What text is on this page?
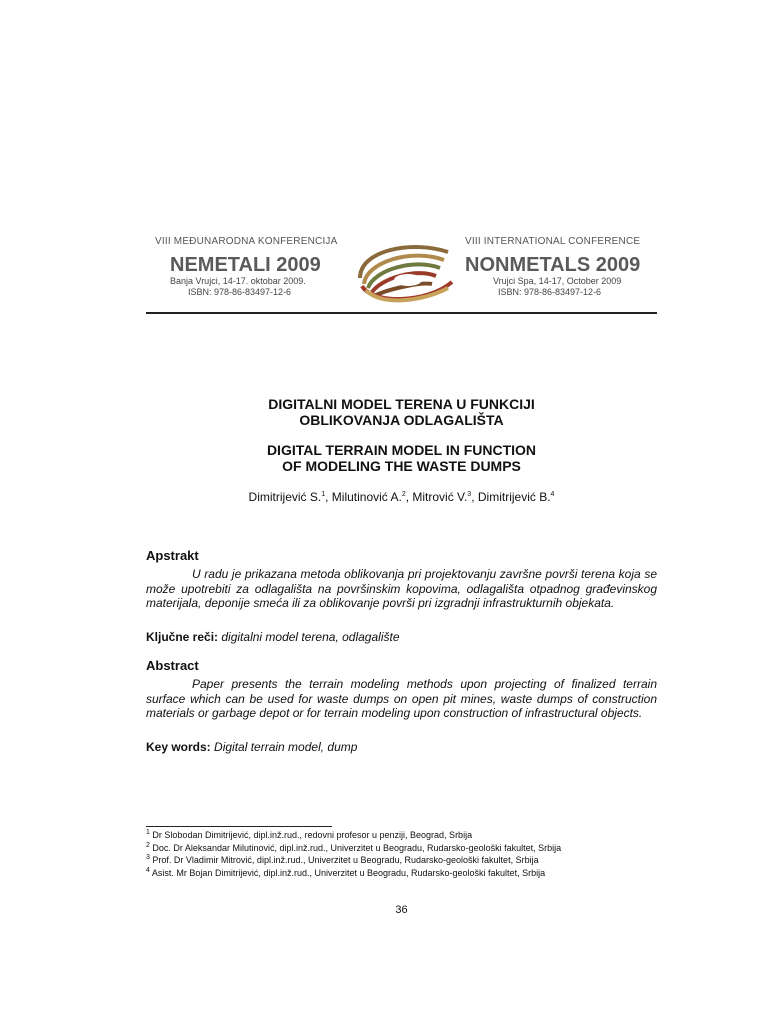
VIII MEĐUNARODNA KONFERENCIJA
NEMETALI 2009
Banja Vrujci, 14-17. oktobar 2009.
ISBN: 978-86-83497-12-6
VIII INTERNATIONAL CONFERENCE
NONMETALS 2009
Vrujci Spa, 14-17, October 2009
ISBN: 978-86-83497-12-6
DIGITALNI MODEL TERENA U FUNKCIJI
OBLIKOVANJA ODLAGALIŠTA
DIGITAL TERRAIN MODEL IN FUNCTION
OF MODELING THE WASTE DUMPS
Dimitrijević S.$^1$, Milutinović A.$^2$, Mitrović V.$^3$, Dimitrijević B.$^4$
Apstrakt
U radu je prikazana metoda oblikovanja pri projektovanju završne površi terena koja se može upotrebiti za odlagališta na površinskim kopovima, odlagališta otpadnog građevinskog materijala, deponije smeća ili za oblikovanje površi pri izgradnji infrastrukturnih objekata.
Ključne reči: digitalni model terena, odlagalište
Abstract
Paper presents the terrain modeling methods upon projecting of finalized terrain surface which can be used for waste dumps on open pit mines, waste dumps of construction materials or garbage depot or for terrain modeling upon construction of infrastructural objects.
Key words: Digital terrain model, dump
$^1$ Dr Slobodan Dimitrijević, dipl.inž.rud., redovni profesor u penziji, Beograd, Srbija
$^2$ Doc. Dr Aleksandar Milutinović, dipl.inž.rud., Univerzitet u Beogradu, Rudarsko-geološki fakultet, Srbija
$^3$ Prof. Dr Vladimir Mitrović, dipl.inž.rud., Univerzitet u Beogradu, Rudarsko-geološki fakultet, Srbija
$^4$ Asist. Mr Bojan Dimitrijević, dipl.inž.rud., Univerzitet u Beogradu, Rudarsko-geološki fakultet, Srbija
36
